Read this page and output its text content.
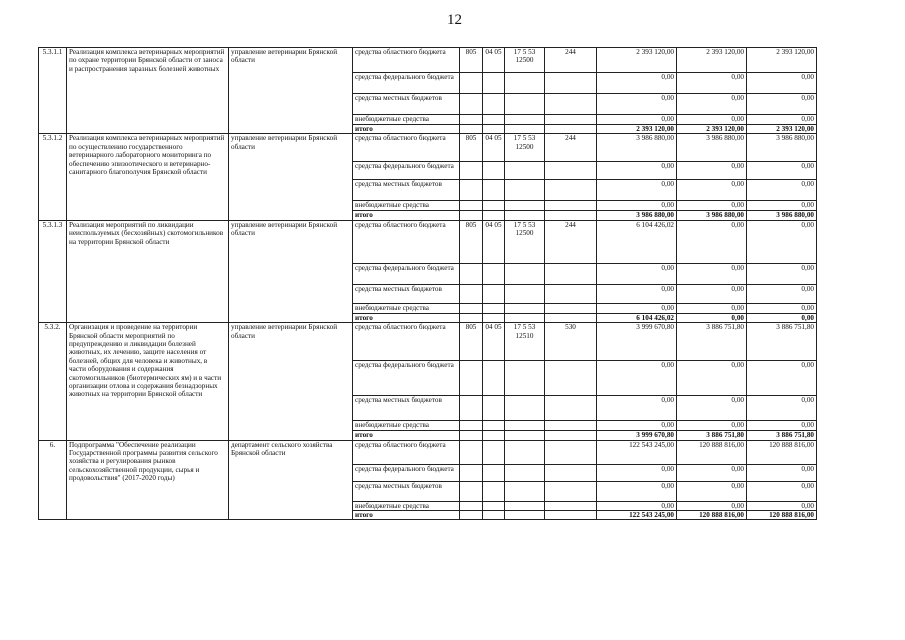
12
5.3.1.1	Реализация комплекса ветеринарных мероприятий по охране территории Брянской области от заноса и распространения заразных болезней животных	управление ветеринарии Брянской области	средства областного бюджета	805	04 05	17 5 53 12500	244	2 393 120,00	2 393 120,00	2 393 120,00
			средства федерального бюджета					0,00	0,00	0,00
			средства местных бюджетов					0,00	0,00	0,00
			внебюджетные средства					0,00	0,00	0,00
			итого					2 393 120,00	2 393 120,00	2 393 120,00
5.3.1.2	Реализация комплекса ветеринарных мероприятий по осуществлению государственного ветеринарного лабораторного мониторинга по обеспечению эпизоотического и ветеринарно-санитарного благополучия Брянской области	управление ветеринарии Брянской области	средства областного бюджета	805	04 05	17 5 53 12500	244	3 986 880,00	3 986 880,00	3 986 880,00
			средства федерального бюджета					0,00	0,00	0,00
			средства местных бюджетов					0,00	0,00	0,00
			внебюджетные средства					0,00	0,00	0,00
			итого					3 986 880,00	3 986 880,00	3 986 880,00
5.3.1.3	Реализация мероприятий по ликвидации неиспользуемых (бесхозяйных) скотомогильников на территории Брянской области	управление ветеринарии Брянской области	средства областного бюджета	805	04 05	17 5 53 12500	244	6 104 426,02	0,00	0,00
			средства федерального бюджета					0,00	0,00	0,00
			средства местных бюджетов					0,00	0,00	0,00
			внебюджетные средства					0,00	0,00	0,00
			итого					6 104 426,02	0,00	0,00
5.3.2.	Организация и проведение на территории Брянской области мероприятий по предупреждению и ликвидации болезней животных, их лечению, защите населения от болезней, общих для человека и животных, в части оборудования и содержания скотомогильников (биотермических ям) и в части организации отлова и содержания безнадзорных животных на территории Брянской области	управление ветеринарии Брянской области	средства областного бюджета	805	04 05	17 5 53 12510	530	3 999 670,80	3 886 751,80	3 886 751,80
			средства федерального бюджета					0,00	0,00	0,00
			средства местных бюджетов					0,00	0,00	0,00
			внебюджетные средства					0,00	0,00	0,00
			итого					3 999 670,80	3 886 751,80	3 886 751,80
6.	Подпрограмма "Обеспечение реализации Государственной программы развития сельского хозяйства и регулирования рынков сельскохозяйственной продукции, сырья и продовольствия" (2017-2020 годы)	департамент сельского хозяйства Брянской области	средства областного бюджета					122 543 245,00	120 888 816,00	120 888 816,00
			средства федерального бюджета					0,00	0,00	0,00
			средства местных бюджетов					0,00	0,00	0,00
			внебюджетные средства					0,00	0,00	0,00
			итого					122 543 245,00	120 888 816,00	120 888 816,00
